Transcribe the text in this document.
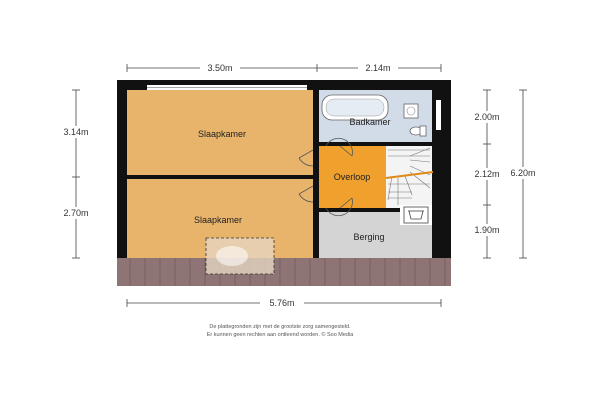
3.50m	2.14m
3.14m
2.70m
2.00m
2.12m
1.90m
6.20m
5.76m
Slaapkamer
Slaapkamer
Badkamer
Overloop
Berging
De plattegronden zijn met de grootste zorg samengesteld.
Er kunnen geen rechten aan ontleend worden. © Soo Media
